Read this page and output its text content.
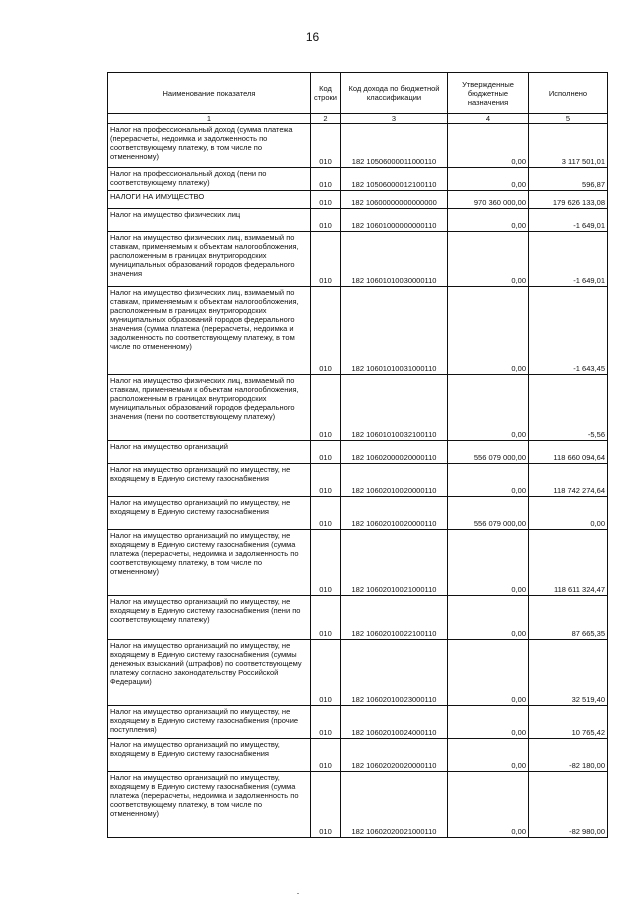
16
Наименование показателя	Код строки	Код дохода по бюджетной классификации	Утвержденные бюджетные назначения	Исполнено
1	2	3	4	5
Налог на профессиональный доход (сумма платежа (перерасчеты, недоимка и задолженность по соответствующему платежу, в том числе по отмененному)	010	182 10506000011000110	0,00	3 117 501,01
Налог на профессиональный доход (пени по соответствующему платежу)	010	182 10506000012100110	0,00	596,87
НАЛОГИ НА ИМУЩЕСТВО	010	182 10600000000000000	970 360 000,00	179 626 133,08
Налог на имущество физических лиц	010	182 10601000000000110	0,00	-1 649,01
Налог на имущество физических лиц, взимаемый по ставкам, применяемым к объектам налогообложения, расположенным в границах внутригородских муниципальных образований городов федерального значения	010	182 10601010030000110	0,00	-1 649,01
Налог на имущество физических лиц, взимаемый по ставкам, применяемым к объектам налогообложения, расположенным в границах внутригородских муниципальных образований городов федерального значения (сумма платежа (перерасчеты, недоимка и задолженность по соответствующему платежу, в том числе по отмененному)	010	182 10601010031000110	0,00	-1 643,45
Налог на имущество физических лиц, взимаемый по ставкам, применяемым к объектам налогообложения, расположенным в границах внутригородских муниципальных образований городов федерального значения (пени по соответствующему платежу)	010	182 10601010032100110	0,00	-5,56
Налог на имущество организаций	010	182 10602000020000110	556 079 000,00	118 660 094,64
Налог на имущество организаций по имуществу, не входящему в Единую систему газоснабжения	010	182 10602010020000110	0,00	118 742 274,64
Налог на имущество организаций по имуществу, не входящему в Единую систему газоснабжения	010	182 10602010020000110	556 079 000,00	0,00
Налог на имущество организаций по имуществу, не входящему в Единую систему газоснабжения (сумма платежа (перерасчеты, недоимка и задолженность по соответствующему платежу, в том числе по отмененному)	010	182 10602010021000110	0,00	118 611 324,47
Налог на имущество организаций по имуществу, не входящему в Единую систему газоснабжения (пени по соответствующему платежу)	010	182 10602010022100110	0,00	87 665,35
Налог на имущество организаций по имуществу, не входящему в Единую систему газоснабжения (суммы денежных взысканий (штрафов) по соответствующему платежу согласно законодательству Российской Федерации)	010	182 10602010023000110	0,00	32 519,40
Налог на имущество организаций по имуществу, не входящему в Единую систему газоснабжения (прочие поступления)	010	182 10602010024000110	0,00	10 765,42
Налог на имущество организаций по имуществу, входящему в Единую систему газоснабжения	010	182 10602020020000110	0,00	-82 180,00
Налог на имущество организаций по имуществу, входящему в Единую систему газоснабжения (сумма платежа (перерасчеты, недоимка и задолженность по соответствующему платежу, в том числе по отмененному)	010	182 10602020021000110	0,00	-82 980,00
